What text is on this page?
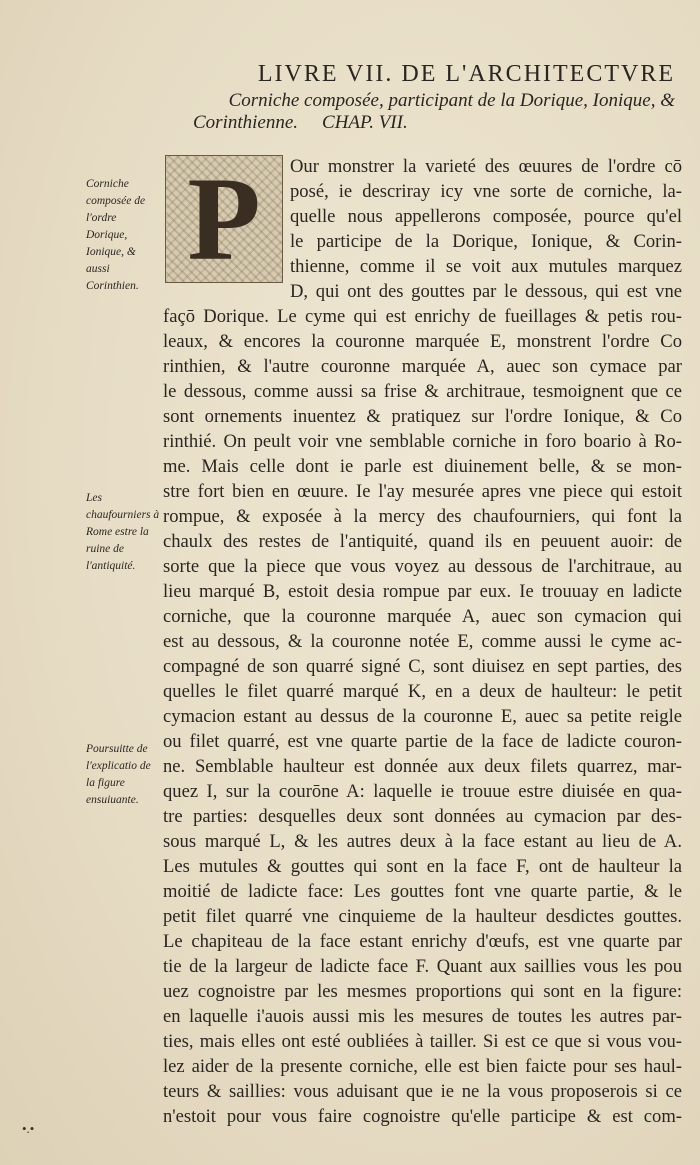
LIVRE VII. DE L'ARCHITECTVRE
Corniche composée, participant de la Dorique, Ionique, &
Corinthienne. CHAP. VII.
P
Corniche composée de l'ordre Dorique, Ionique, & aussi Corinthien.
Les chaufourniers à Rome estre la ruine de l'antiquité.
Poursuitte de l'explicatio de la figure ensuiuante.
Our monstrer la varieté des œuures de l'ordre cō
posé, ie descriray icy vne sorte de corniche, la-
quelle nous appellerons composée, pource qu'el
le participe de la Dorique, Ionique, & Corin-
thienne, comme il se voit aux mutules marquez
D, qui ont des gouttes par le dessous, qui est vne
façō Dorique. Le cyme qui est enrichy de fueillages & petis rou-
leaux, & encores la couronne marquée E, monstrent l'ordre Co
rinthien, & l'autre couronne marquée A, auec son cymace par
le dessous, comme aussi sa frise & architraue, tesmoignent que ce
sont ornements inuentez & pratiquez sur l'ordre Ionique, & Co
rinthié. On peult voir vne semblable corniche in foro boario à Ro-
me. Mais celle dont ie parle est diuinement belle, & se mon-
stre fort bien en œuure. Ie l'ay mesurée apres vne piece qui estoit
rompue, & exposée à la mercy des chaufourniers, qui font la
chaulx des restes de l'antiquité, quand ils en peuuent auoir: de
sorte que la piece que vous voyez au dessous de l'architraue, au
lieu marqué B, estoit desia rompue par eux. Ie trouuay en ladicte
corniche, que la couronne marquée A, auec son cymacion qui
est au dessous, & la couronne notée E, comme aussi le cyme ac-
compagné de son quarré signé C, sont diuisez en sept parties, des
quelles le filet quarré marqué K, en a deux de haulteur: le petit
cymacion estant au dessus de la couronne E, auec sa petite reigle
ou filet quarré, est vne quarte partie de la face de ladicte couron-
ne. Semblable haulteur est donnée aux deux filets quarrez, mar-
quez I, sur la courōne A: laquelle ie trouue estre diuisée en qua-
tre parties: desquelles deux sont données au cymacion par des-
sous marqué L, & les autres deux à la face estant au lieu de A.
Les mutules & gouttes qui sont en la face F, ont de haulteur la
moitié de ladicte face: Les gouttes font vne quarte partie, & le
petit filet quarré vne cinquieme de la haulteur desdictes gouttes.
Le chapiteau de la face estant enrichy d'œufs, est vne quarte par
tie de la largeur de ladicte face F. Quant aux saillies vous les pou
uez cognoistre par les mesmes proportions qui sont en la figure:
en laquelle i'auois aussi mis les mesures de toutes les autres par-
ties, mais elles ont esté oubliées à tailler. Si est ce que si vous vou-
lez aider de la presente corniche, elle est bien faicte pour ses haul-
teurs & saillies: vous aduisant que ie ne la vous proposerois si ce
n'estoit pour vous faire cognoistre qu'elle participe & est com-
•.•
